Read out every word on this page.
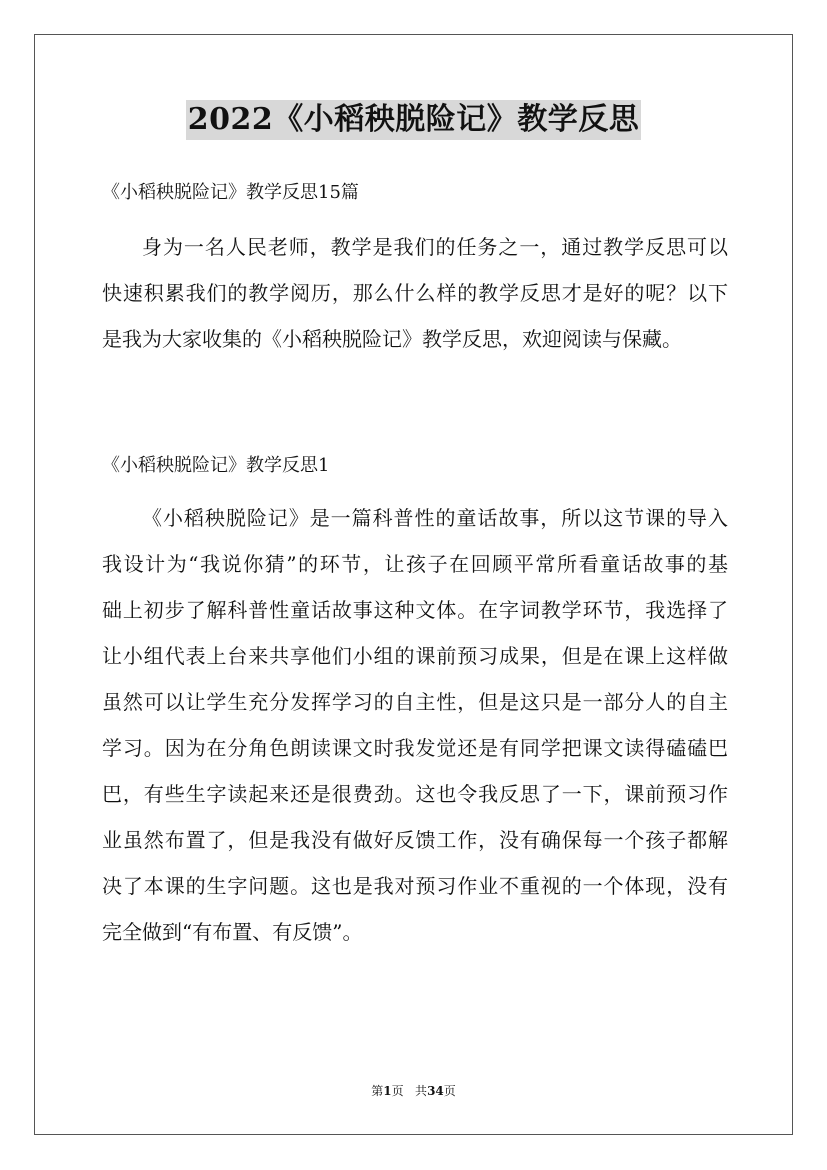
2022《小稻秧脱险记》教学反思
《小稻秧脱险记》教学反思15篇
身为一名人民老师，教学是我们的任务之一，通过教学反思可以
快速积累我们的教学阅历，那么什么样的教学反思才是好的呢？以下
是我为大家收集的《小稻秧脱险记》教学反思，欢迎阅读与保藏。
《小稻秧脱险记》教学反思1
《小稻秧脱险记》是一篇科普性的童话故事，所以这节课的导入
我设计为“我说你猜”的环节，让孩子在回顾平常所看童话故事的基
础上初步了解科普性童话故事这种文体。在字词教学环节，我选择了
让小组代表上台来共享他们小组的课前预习成果，但是在课上这样做
虽然可以让学生充分发挥学习的自主性，但是这只是一部分人的自主
学习。因为在分角色朗读课文时我发觉还是有同学把课文读得磕磕巴
巴，有些生字读起来还是很费劲。这也令我反思了一下，课前预习作
业虽然布置了，但是我没有做好反馈工作，没有确保每一个孩子都解
决了本课的生字问题。这也是我对预习作业不重视的一个体现，没有
完全做到“有布置、有反馈”。
第1页 共34页
